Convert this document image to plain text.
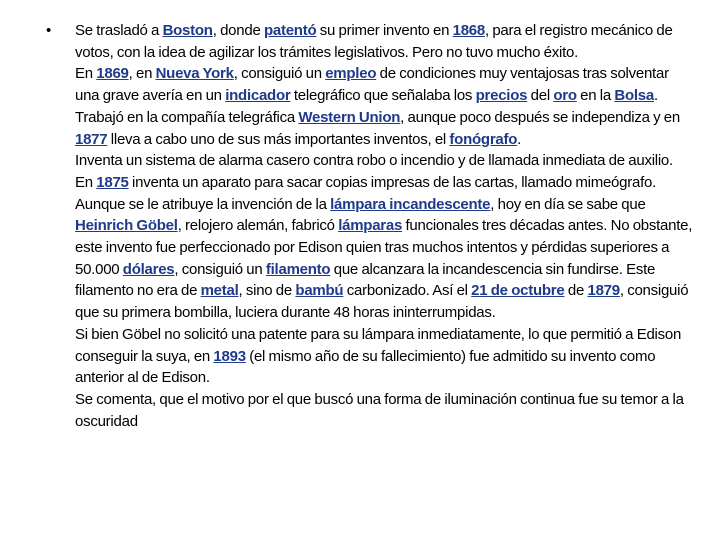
• Se trasladó a Boston, donde patentó su primer invento en 1868, para el registro mecánico de votos, con la idea de agilizar los trámites legislativos. Pero no tuvo mucho éxito.

En 1869, en Nueva York, consiguió un empleo de condiciones muy ventajosas tras solventar una grave avería en un indicador telegráfico que señalaba los precios del oro en la Bolsa.

Trabajó en la compañía telegráfica Western Union, aunque poco después se independiza y en 1877 lleva a cabo uno de sus más importantes inventos, el fonógrafo.

Inventa un sistema de alarma casero contra robo o incendio y de llamada inmediata de auxilio.

En 1875 inventa un aparato para sacar copias impresas de las cartas, llamado mimeógrafo.

Aunque se le atribuye la invención de la lámpara incandescente, hoy en día se sabe que Heinrich Göbel, relojero alemán, fabricó lámparas funcionales tres décadas antes. No obstante, este invento fue perfeccionado por Edison quien tras muchos intentos y pérdidas superiores a 50.000 dólares, consiguió un filamento que alcanzara la incandescencia sin fundirse. Este filamento no era de metal, sino de bambú carbonizado. Así el 21 de octubre de 1879, consiguió que su primera bombilla, luciera durante 48 horas ininterrumpidas.

Si bien Göbel no solicitó una patente para su lámpara inmediatamente, lo que permitió a Edison conseguir la suya, en 1893 (el mismo año de su fallecimiento) fue admitido su invento como anterior al de Edison.

Se comenta, que el motivo por el que buscó una forma de iluminación continua fue su temor a la oscuridad
